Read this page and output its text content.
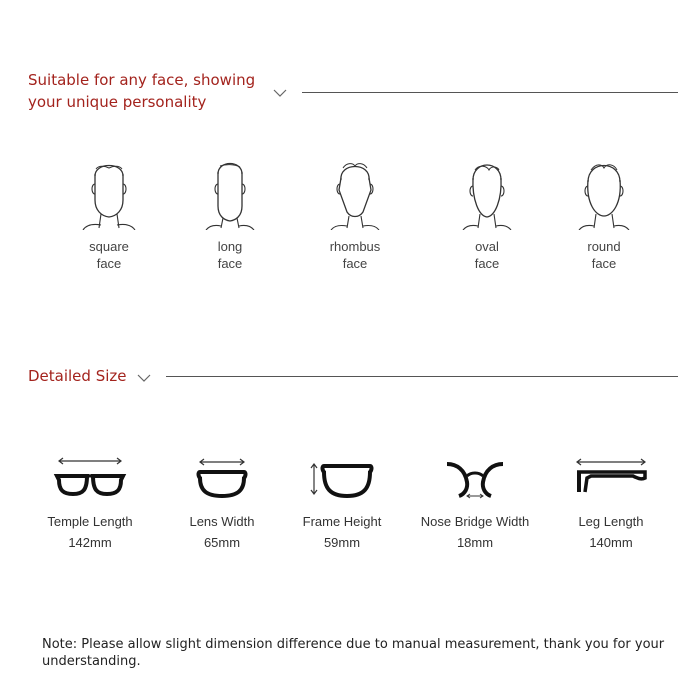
Suitable for any face, showing
your unique personality
square
face
long
face
rhombus
face
oval
face
round
face
Detailed Size
Temple Length
142mm
Lens Width
65mm
Frame Height
59mm
Nose Bridge Width
18mm
Leg Length
140mm
Note: Please allow slight dimension difference due to manual measurement, thank you for your understanding.
